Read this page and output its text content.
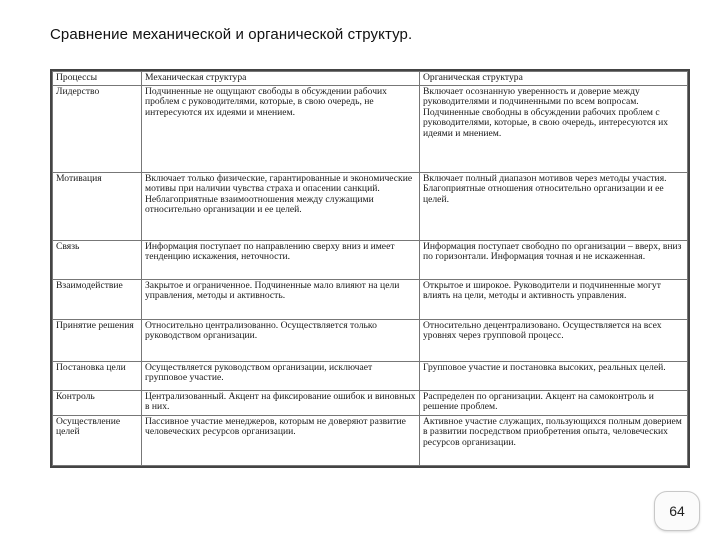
Сравнение механической и органической структур.
Процессы	Механическая структура	Органическая структура
Лидерство	Подчиненные не ощущают свободы в обсуждении рабочих проблем с руководителями, которые, в свою очередь, не интересуются их идеями и мнением.	Включает осознанную уверенность и доверие между руководителями и подчиненными по всем вопросам. Подчиненные свободны в обсуждении рабочих проблем с руководителями, которые, в свою очередь, интересуются их идеями и мнением.
Мотивация	Включает только физические, гарантированные и экономические мотивы при наличии чувства страха и опасении санкций. Неблагоприятные взаимоотношения между служащими относительно организации и ее целей.	Включает полный диапазон мотивов через методы участия. Благоприятные отношения относительно организации и ее целей.
Связь	Информация поступает по направлению сверху вниз и имеет тенденцию искажения, неточности.	Информация поступает свободно по организации – вверх, вниз по горизонтали. Информация точная и не искаженная.
Взаимодействие	Закрытое и ограниченное. Подчиненные мало влияют на цели управления, методы и активность.	Открытое и широкое. Руководители и подчиненные могут влиять на цели, методы и активность управления.
Принятие решения	Относительно централизованно. Осуществляется только руководством организации.	Относительно децентрализовано. Осуществляется на всех уровнях через групповой процесс.
Постановка цели	Осуществляется руководством организации, исключает групповое участие.	Групповое участие и постановка высоких, реальных целей.
Контроль	Централизованный. Акцент на фиксирование ошибок и виновных в них.	Распределен по организации. Акцент на самоконтроль и решение проблем.
Осуществление целей	Пассивное участие менеджеров, которым не доверяют развитие человеческих ресурсов организации.	Активное участие служащих, пользующихся полным доверием в развитии посредством приобретения опыта, человеческих ресурсов организации.
64
